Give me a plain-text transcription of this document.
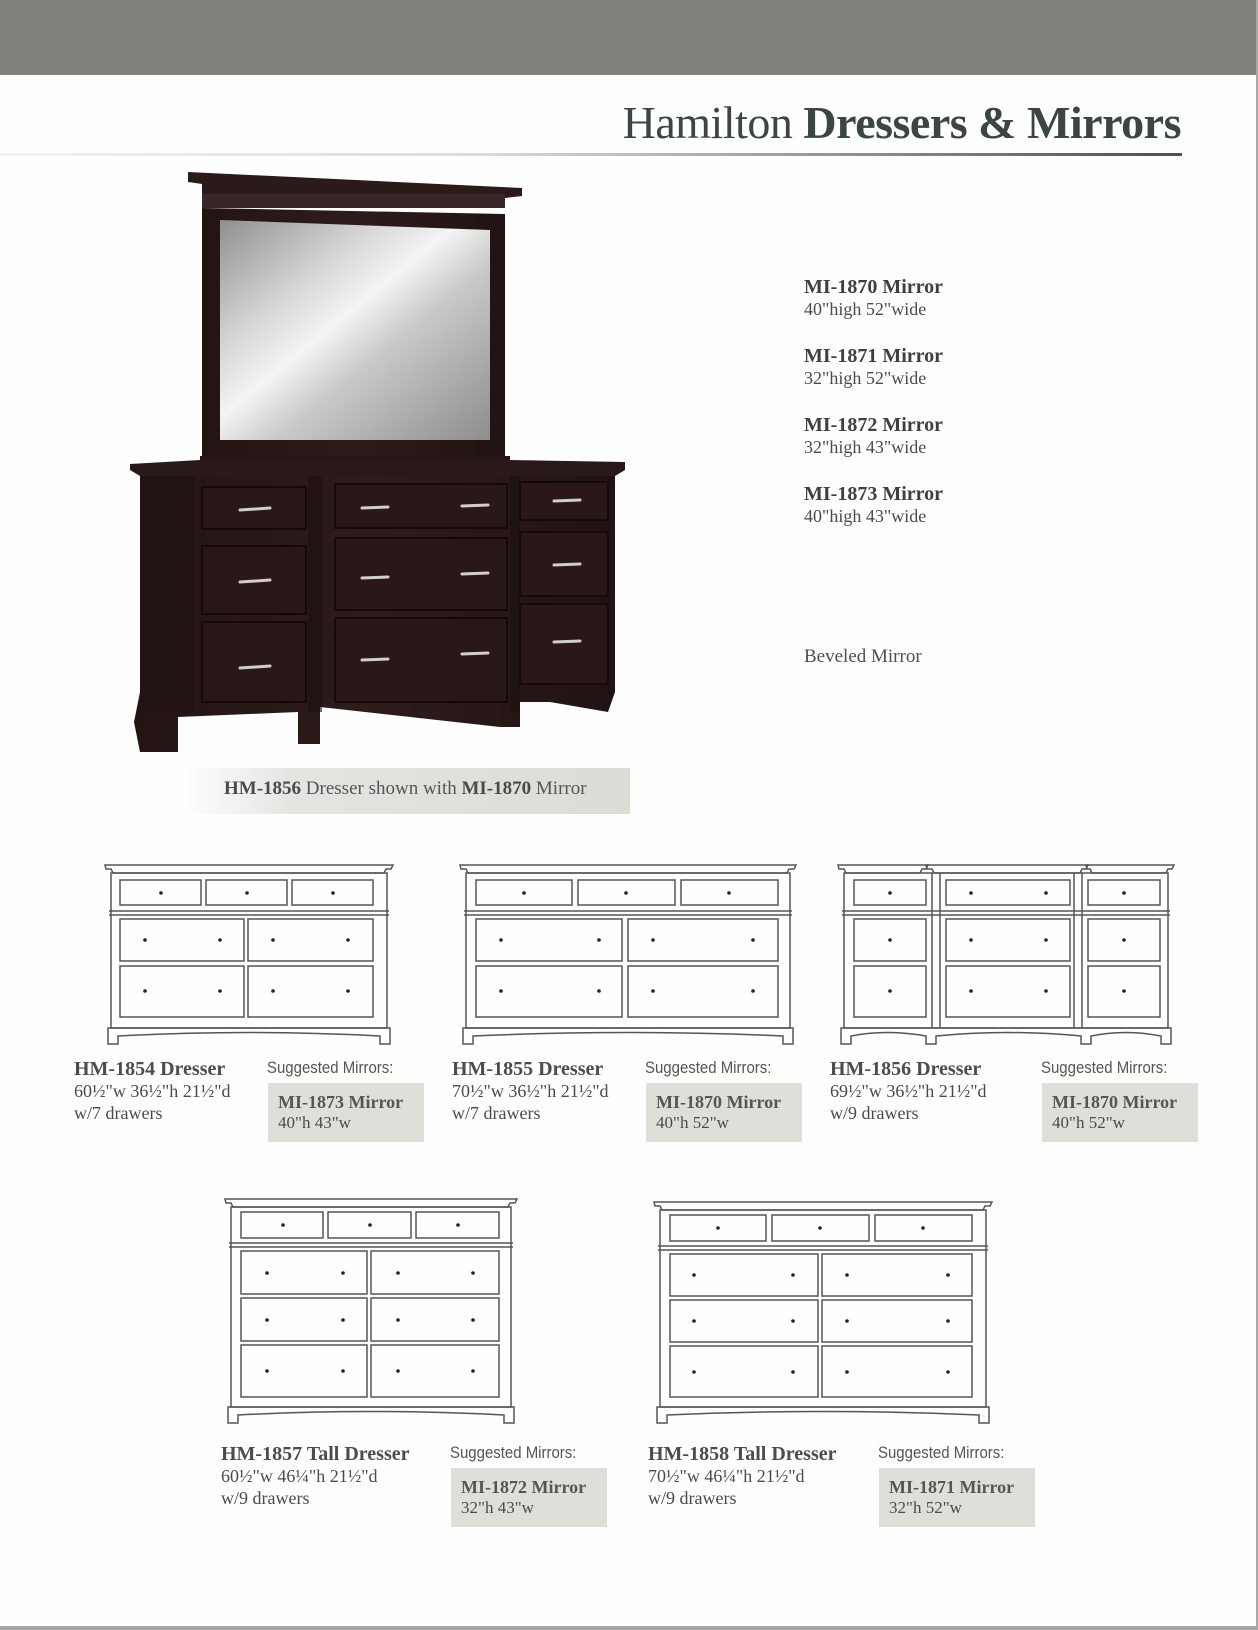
Hamilton Dressers & Mirrors
HM-1856 Dresser shown with MI-1870 Mirror
MI-1870 Mirror
40"high 52"wide
MI-1871 Mirror
32"high 52"wide
MI-1872 Mirror
32"high 43"wide
MI-1873 Mirror
40"high 43"wide
Beveled Mirror
HM-1854 Dresser
60½"w 36½"h 21½"d
w/7 drawers
Suggested Mirrors:
MI-1873 Mirror
40"h 43"w
HM-1855 Dresser
70½"w 36½"h 21½"d
w/7 drawers
Suggested Mirrors:
MI-1870 Mirror
40"h 52"w
HM-1856 Dresser
69½"w 36½"h 21½"d
w/9 drawers
Suggested Mirrors:
MI-1870 Mirror
40"h 52"w
HM-1857 Tall Dresser
60½"w 46¼"h 21½"d
w/9 drawers
Suggested Mirrors:
MI-1872 Mirror
32"h 43"w
HM-1858 Tall Dresser
70½"w 46¼"h 21½"d
w/9 drawers
Suggested Mirrors:
MI-1871 Mirror
32"h 52"w
